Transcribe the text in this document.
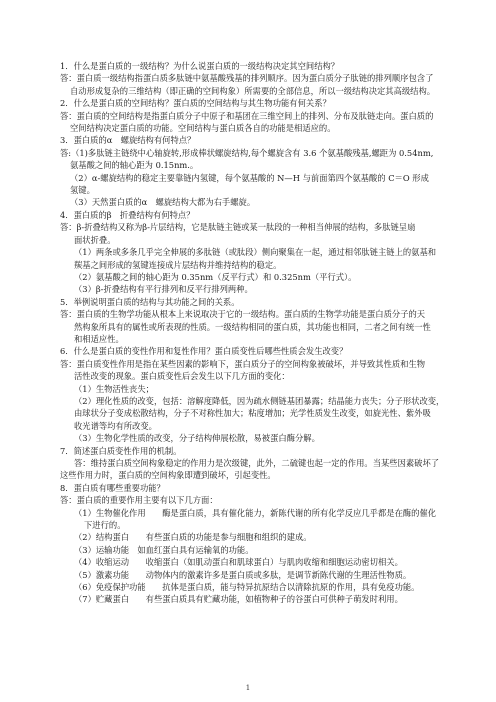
1．什么是蛋白质的一级结构？为什么说蛋白质的一级结构决定其空间结构？
答：蛋白质一级结构指蛋白质多肽链中氨基酸残基的排列顺序。因为蛋白质分子肽链的排列顺序包含了
自动形成复杂的三维结构（即正确的空间构象）所需要的全部信息，所以一级结构决定其高级结构。
2．什么是蛋白质的空间结构？蛋白质的空间结构与其生物功能有何关系？
答：蛋白质的空间结构是指蛋白质分子中原子和基团在三维空间上的排列、分布及肽链走向。蛋白质的
空间结构决定蛋白质的功能。空间结构与蛋白质各自的功能是相适应的。
3．蛋白质的α　螺旋结构有何特点？
答:（1)多肽链主链绕中心轴旋转,形成棒状螺旋结构,每个螺旋含有 3.6 个氨基酸残基,螺距为 0.54nm,
氨基酸之间的轴心距为 0.15nm.。
（2）α-螺旋结构的稳定主要靠链内氢键，每个氨基酸的 N—H 与前面第四个氨基酸的 C＝O 形成
氢键。
（3）天然蛋白质的α　螺旋结构大都为右手螺旋。
4．蛋白质的β　折叠结构有何特点？
答：β-折叠结构又称为β-片层结构，它是肽链主链或某一肽段的一种相当伸展的结构，多肽链呈扇
面状折叠。
（1）两条或多条几乎完全伸展的多肽链（或肽段）侧向聚集在一起，通过相邻肽链主链上的氨基和
羰基之间形成的氢键连接成片层结构并维持结构的稳定。
（2）氨基酸之间的轴心距为 0.35nm（反平行式）和 0.325nm（平行式）。
（3）β-折叠结构有平行排列和反平行排列两种。
5．举例说明蛋白质的结构与其功能之间的关系。
答：蛋白质的生物学功能从根本上来说取决于它的一级结构。蛋白质的生物学功能是蛋白质分子的天
然构象所具有的属性或所表现的性质。一级结构相同的蛋白质，其功能也相同，二者之间有统一性
和相适应性。
6．什么是蛋白质的变性作用和复性作用？蛋白质变性后哪些性质会发生改变？
答：蛋白质变性作用是指在某些因素的影响下，蛋白质分子的空间构象被破坏，并导致其性质和生物
活性改变的现象。蛋白质变性后会发生以下几方面的变化：
（1）生物活性丧失；
（2）理化性质的改变，包括：溶解度降低，因为疏水侧链基团暴露；结晶能力丧失；分子形状改变，
由球状分子变成松散结构，分子不对称性加大；粘度增加；光学性质发生改变，如旋光性、紫外吸
收光谱等均有所改变。
（3）生物化学性质的改变，分子结构伸展松散，易被蛋白酶分解。
7．简述蛋白质变性作用的机制。
答：维持蛋白质空间构象稳定的作用力是次级键，此外，二硫键也起一定的作用。当某些因素破坏了
这些作用力时，蛋白质的空间构象即遭到破坏，引起变性。
8．蛋白质有哪些重要功能？
答：蛋白质的重要作用主要有以下几方面：
（1）生物催化作用　　酶是蛋白质，具有催化能力，新陈代谢的所有化学反应几乎都是在酶的催化
下进行的。
（2）结构蛋白　　有些蛋白质的功能是参与细胞和组织的建成。
（3）运输功能　如血红蛋白具有运输氧的功能。
（4）收缩运动　　收缩蛋白（如肌动蛋白和肌球蛋白）与肌肉收缩和细胞运动密切相关。
（5）激素功能　　动物体内的激素许多是蛋白质或多肽，是调节新陈代谢的生理活性物质。
（6）免疫保护功能　　抗体是蛋白质，能与特异抗原结合以清除抗原的作用，具有免疫功能。
（7）贮藏蛋白　　有些蛋白质具有贮藏功能，如植物种子的谷蛋白可供种子萌发时利用。
1
